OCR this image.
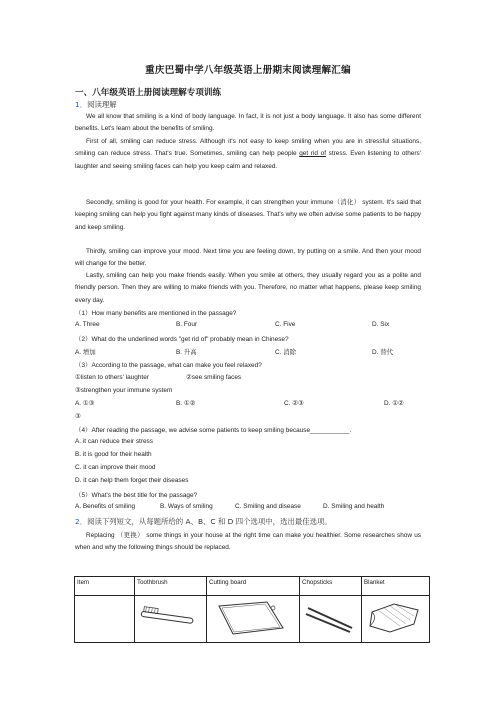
重庆巴蜀中学八年级英语上册期末阅读理解汇编
一、八年级英语上册阅读理解专项训练
1．阅读理解
We all know that smiling is a kind of body language. In fact, it is not just a body language. It also has some different benefits. Let's learn about the benefits of smiling.
First of all, smiling can reduce stress. Although it's not easy to keep smiling when you are in stressful situations, smiling can reduce stress. That's true. Sometimes, smiling can help people get rid of stress. Even listening to others' laughter and seeing smiling faces can help you keep calm and relaxed.
Secondly, smiling is good for your health. For example, it can strengthen your immune（消化） system. It's said that keeping smiling can help you fight against many kinds of diseases. That's why we often advise some patients to be happy and keep smiling.
Thirdly, smiling can improve your mood. Next time you are feeling down, try putting on a smile. And then your mood will change for the better.
Lastly, smiling can help you make friends easily. When you smile at others, they usually regard you as a polite and friendly person. Then they are willing to make friends with you. Therefore, no matter what happens, please keep smiling every day.
（1）How many benefits are mentioned in the passage?
A. Three	B. Four	C. Five	D. Six
（2）What do the underlined words "get rid of" probably mean in Chinese?
A. 增加	B. 升高	C. 消除	D. 替代
（3）According to the passage, what can make you feel relaxed?
①listen to others' laughter	②see smiling faces
③strengthen your immune system
A. ①③	B. ①②	C. ②③	D. ①②
③
（4）After reading the passage, we advise some patients to keep smiling because___________.
A. it can reduce their stress
B. it is good for their health
C. it can improve their mood
D. it can help them forget their diseases
（5）What's the best title for the passage?
A. Benefits of smiling	B. Ways of smiling	C. Smiling and disease	D. Smiling and health
2．阅读下列短文，从每题所给的 A、B、C 和 D 四个选项中，选出最佳选项。
Replacing （更换） some things in your house at the right time can make you healthier. Some researches show us when and why the following things should be replaced.
Item	Toothbrush	Cutting board	Chopsticks	Blanket
